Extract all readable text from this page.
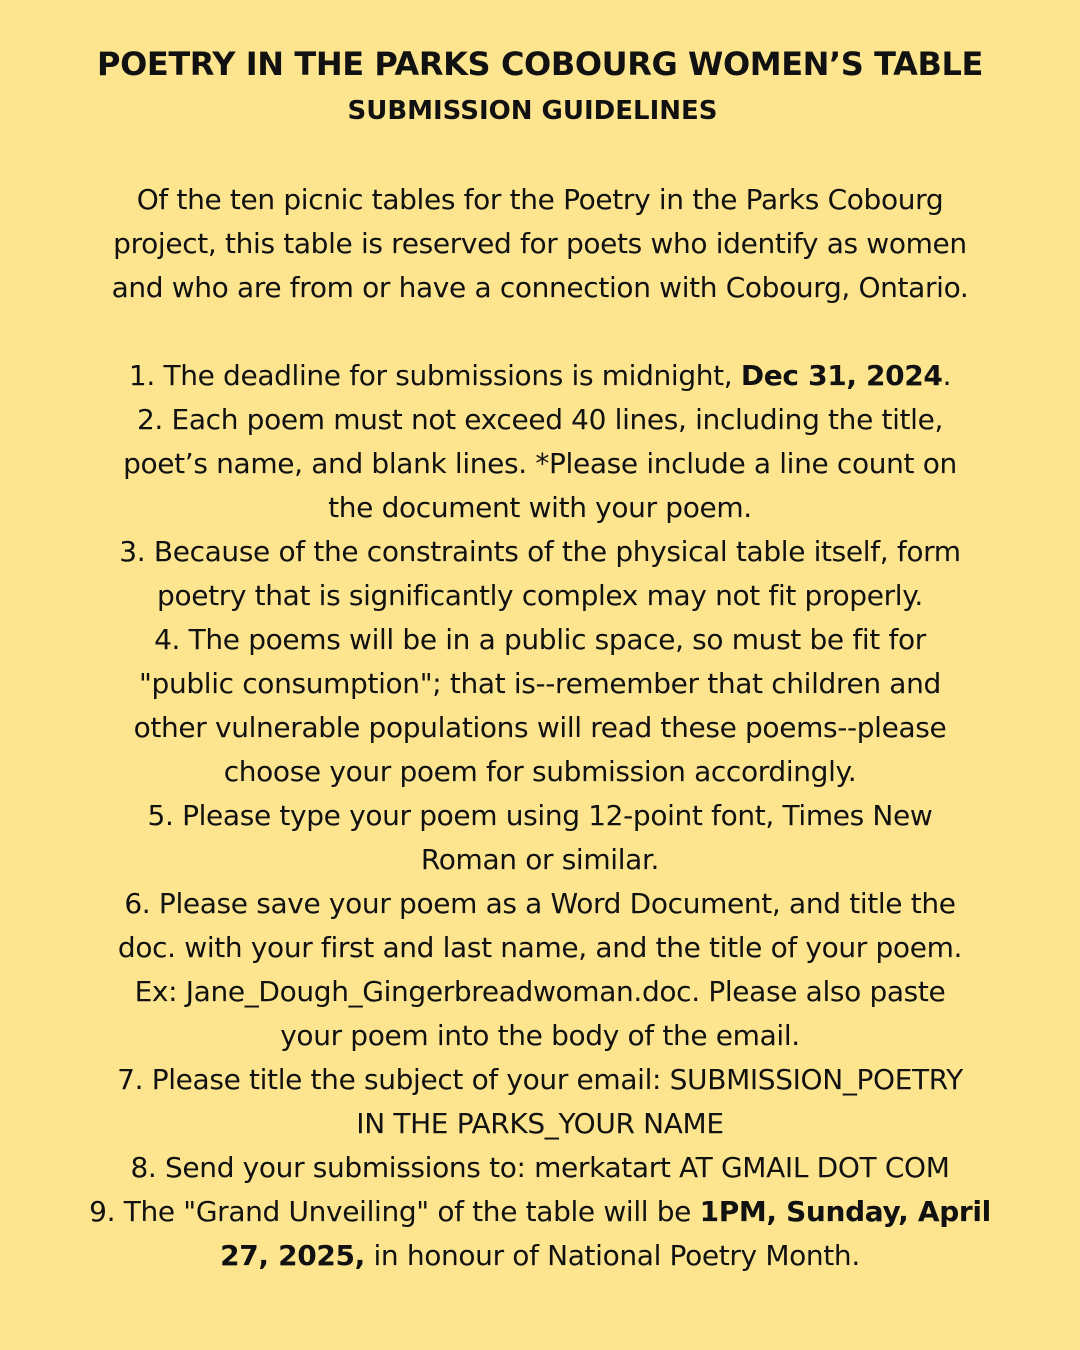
POETRY IN THE PARKS COBOURG WOMEN’S TABLE
SUBMISSION GUIDELINES
Of the ten picnic tables for the Poetry in the Parks Cobourg
project, this table is reserved for poets who identify as women
and who are from or have a connection with Cobourg, Ontario.
1. The deadline for submissions is midnight, Dec 31, 2024.
2. Each poem must not exceed 40 lines, including the title,
poet’s name, and blank lines. *Please include a line count on
the document with your poem.
3. Because of the constraints of the physical table itself, form
poetry that is significantly complex may not fit properly.
4. The poems will be in a public space, so must be fit for
"public consumption"; that is--remember that children and
other vulnerable populations will read these poems--please
choose your poem for submission accordingly.
5. Please type your poem using 12-point font, Times New
Roman or similar.
6. Please save your poem as a Word Document, and title the
doc. with your first and last name, and the title of your poem.
Ex: Jane_Dough_Gingerbreadwoman.doc. Please also paste
your poem into the body of the email.
7. Please title the subject of your email: SUBMISSION_POETRY
IN THE PARKS_YOUR NAME
8. Send your submissions to: merkatart AT GMAIL DOT COM
9. The "Grand Unveiling" of the table will be 1PM, Sunday, April
27, 2025, in honour of National Poetry Month.
